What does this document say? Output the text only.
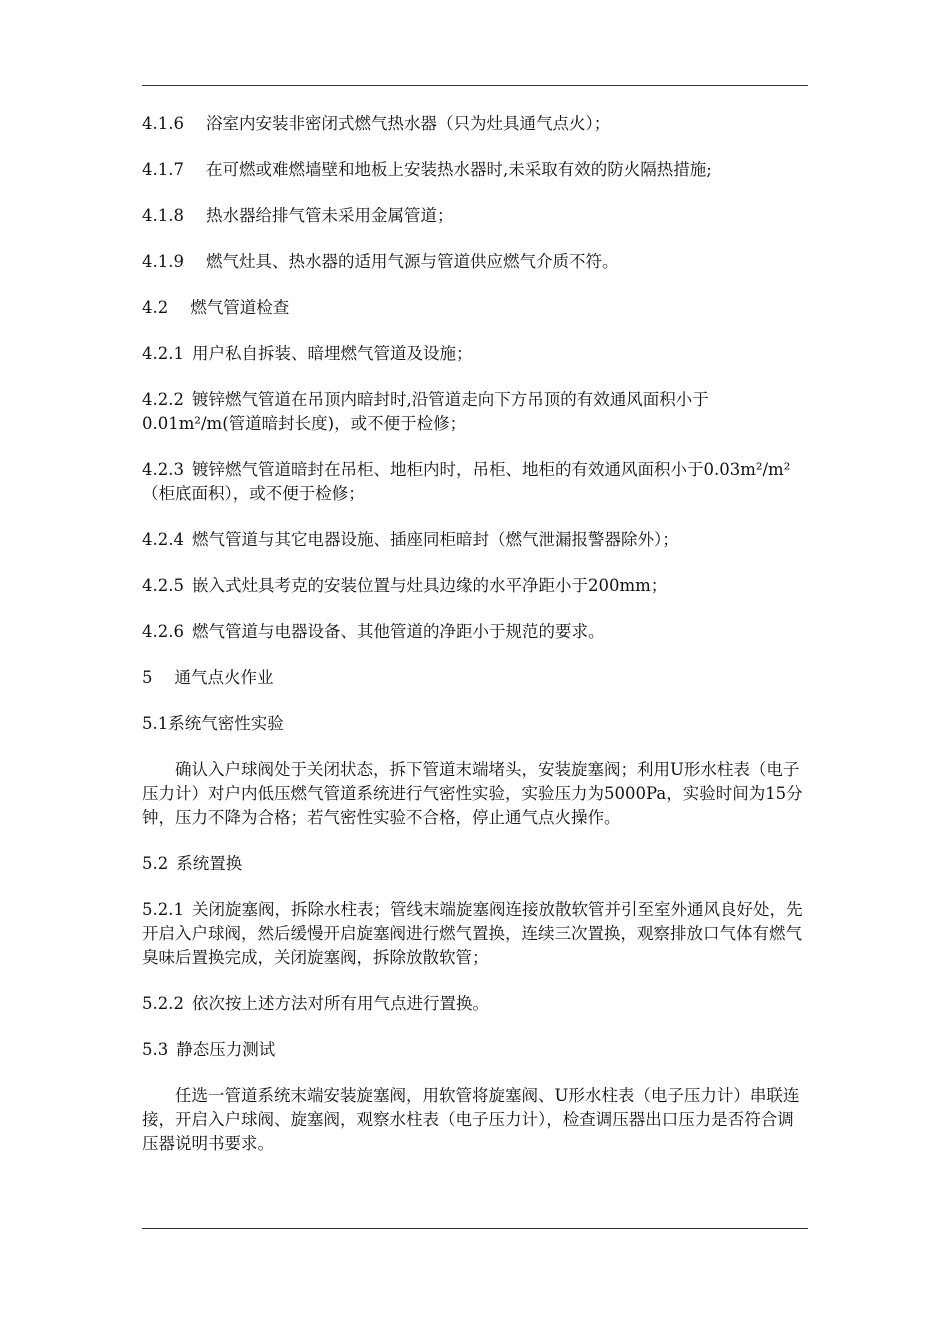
4.1.6 浴室内安装非密闭式燃气热水器（只为灶具通气点火）；

4.1.7 在可燃或难燃墙壁和地板上安装热水器时,未采取有效的防火隔热措施;

4.1.8 热水器给排气管未采用金属管道；

4.1.9 燃气灶具、热水器的适用气源与管道供应燃气介质不符。

4.2 燃气管道检查

4.2.1 用户私自拆装、暗埋燃气管道及设施；

4.2.2 镀锌燃气管道在吊顶内暗封时,沿管道走向下方吊顶的有效通风面积小于0.01m²/m(管道暗封长度)，或不便于检修；

4.2.3 镀锌燃气管道暗封在吊柜、地柜内时，吊柜、地柜的有效通风面积小于0.03m²/m²（柜底面积），或不便于检修；

4.2.4 燃气管道与其它电器设施、插座同柜暗封（燃气泄漏报警器除外）；

4.2.5 嵌入式灶具考克的安装位置与灶具边缘的水平净距小于200mm；

4.2.6 燃气管道与电器设备、其他管道的净距小于规范的要求。

5 通气点火作业

5.1系统气密性实验

确认入户球阀处于关闭状态，拆下管道末端堵头，安装旋塞阀；利用U形水柱表（电子压力计）对户内低压燃气管道系统进行气密性实验，实验压力为5000Pa，实验时间为15分钟，压力不降为合格；若气密性实验不合格，停止通气点火操作。

5.2 系统置换

5.2.1 关闭旋塞阀，拆除水柱表；管线末端旋塞阀连接放散软管并引至室外通风良好处，先开启入户球阀，然后缓慢开启旋塞阀进行燃气置换，连续三次置换，观察排放口气体有燃气臭味后置换完成，关闭旋塞阀，拆除放散软管；

5.2.2 依次按上述方法对所有用气点进行置换。

5.3 静态压力测试

任选一管道系统末端安装旋塞阀，用软管将旋塞阀、U形水柱表（电子压力计）串联连接，开启入户球阀、旋塞阀，观察水柱表（电子压力计），检查调压器出口压力是否符合调压器说明书要求。
